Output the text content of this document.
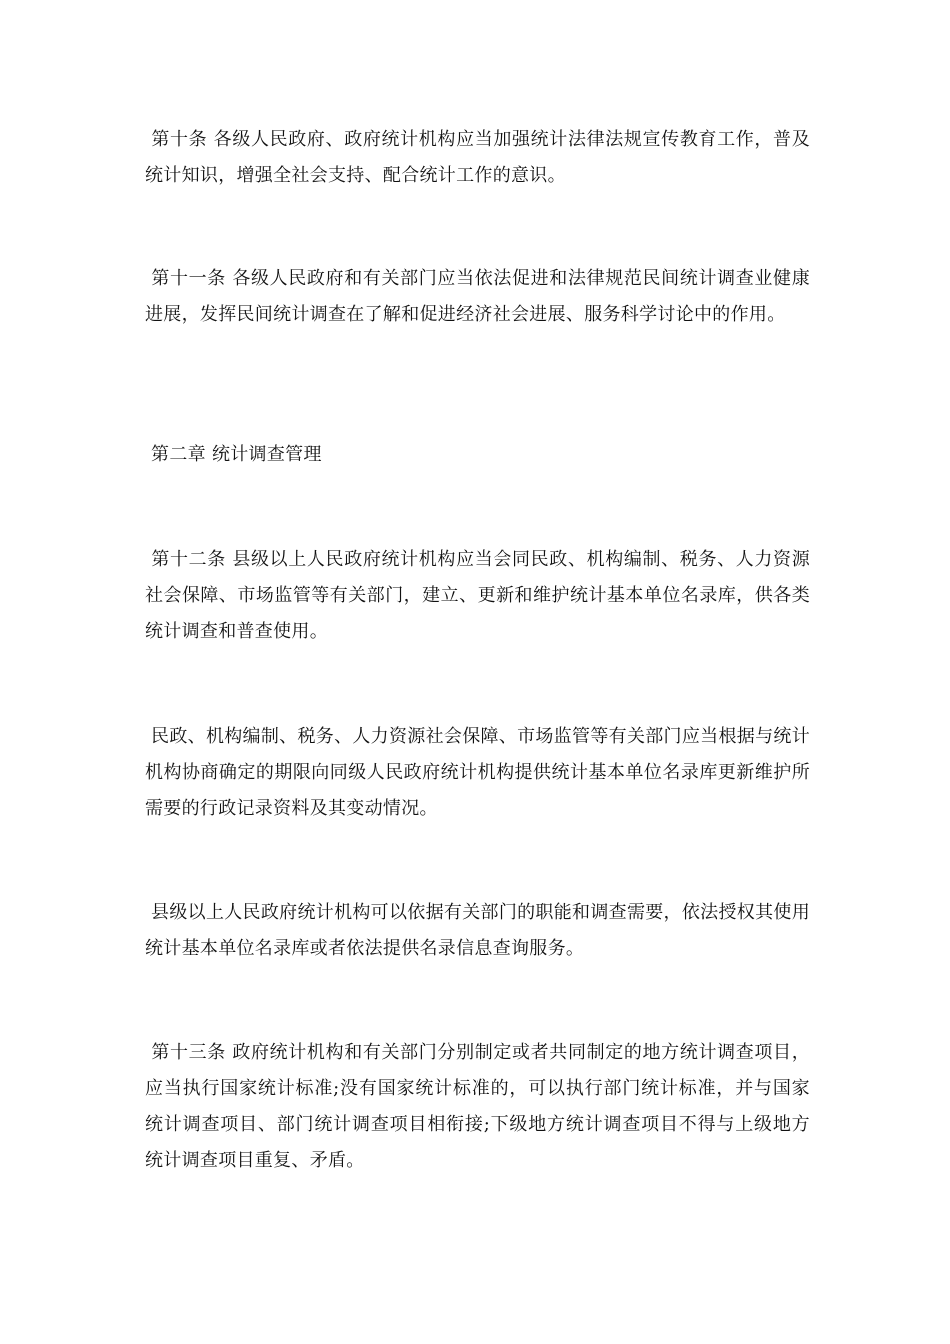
第十条 各级人民政府、政府统计机构应当加强统计法律法规宣传教育工作，普及统计知识，增强全社会支持、配合统计工作的意识。

第十一条 各级人民政府和有关部门应当依法促进和法律规范民间统计调查业健康进展，发挥民间统计调查在了解和促进经济社会进展、服务科学讨论中的作用。

第二章 统计调查管理

第十二条 县级以上人民政府统计机构应当会同民政、机构编制、税务、人力资源社会保障、市场监管等有关部门，建立、更新和维护统计基本单位名录库，供各类统计调查和普查使用。

民政、机构编制、税务、人力资源社会保障、市场监管等有关部门应当根据与统计机构协商确定的期限向同级人民政府统计机构提供统计基本单位名录库更新维护所需要的行政记录资料及其变动情况。

县级以上人民政府统计机构可以依据有关部门的职能和调查需要，依法授权其使用统计基本单位名录库或者依法提供名录信息查询服务。

第十三条 政府统计机构和有关部门分别制定或者共同制定的地方统计调查项目，应当执行国家统计标准;没有国家统计标准的，可以执行部门统计标准，并与国家统计调查项目、部门统计调查项目相衔接;下级地方统计调查项目不得与上级地方统计调查项目重复、矛盾。
